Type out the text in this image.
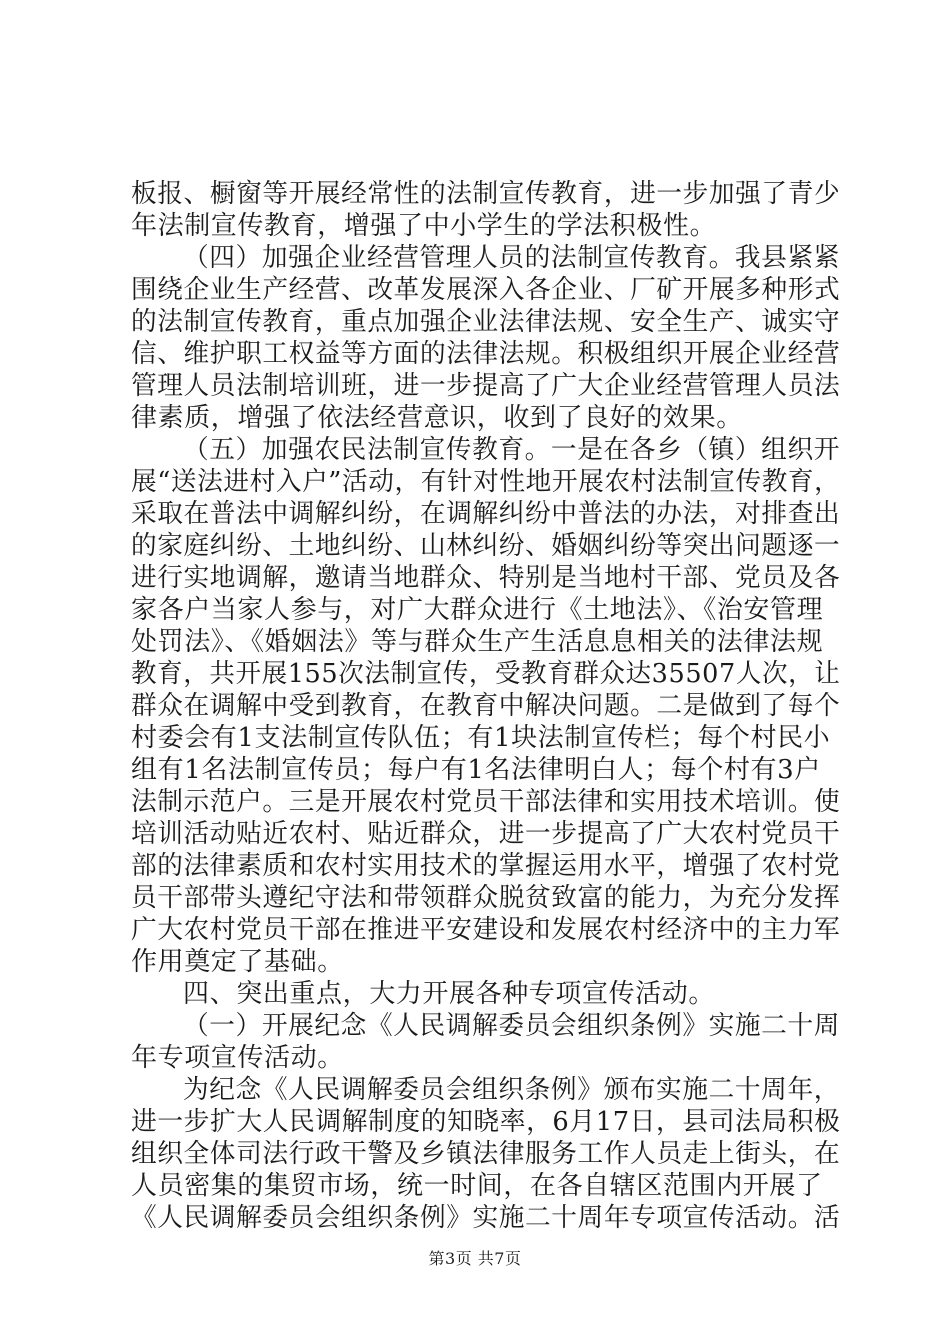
板报、橱窗等开展经常性的法制宣传教育，进一步加强了青少
年法制宣传教育，增强了中小学生的学法积极性。
（四）加强企业经营管理人员的法制宣传教育。我县紧紧
围绕企业生产经营、改革发展深入各企业、厂矿开展多种形式
的法制宣传教育，重点加强企业法律法规、安全生产、诚实守
信、维护职工权益等方面的法律法规。积极组织开展企业经营
管理人员法制培训班，进一步提高了广大企业经营管理人员法
律素质，增强了依法经营意识，收到了良好的效果。
（五）加强农民法制宣传教育。一是在各乡（镇）组织开
展“送法进村入户”活动，有针对性地开展农村法制宣传教育，
采取在普法中调解纠纷，在调解纠纷中普法的办法，对排查出
的家庭纠纷、土地纠纷、山林纠纷、婚姻纠纷等突出问题逐一
进行实地调解，邀请当地群众、特别是当地村干部、党员及各
家各户当家人参与，对广大群众进行《土地法》、《治安管理
处罚法》、《婚姻法》等与群众生产生活息息相关的法律法规
教育，共开展155次法制宣传，受教育群众达35507人次，让
群众在调解中受到教育，在教育中解决问题。二是做到了每个
村委会有1支法制宣传队伍；有1块法制宣传栏；每个村民小
组有1名法制宣传员；每户有1名法律明白人；每个村有3户
法制示范户。三是开展农村党员干部法律和实用技术培训。使
培训活动贴近农村、贴近群众，进一步提高了广大农村党员干
部的法律素质和农村实用技术的掌握运用水平，增强了农村党
员干部带头遵纪守法和带领群众脱贫致富的能力，为充分发挥
广大农村党员干部在推进平安建设和发展农村经济中的主力军
作用奠定了基础。
四、突出重点，大力开展各种专项宣传活动。
（一）开展纪念《人民调解委员会组织条例》实施二十周
年专项宣传活动。
为纪念《人民调解委员会组织条例》颁布实施二十周年，
进一步扩大人民调解制度的知晓率，6月17日，县司法局积极
组织全体司法行政干警及乡镇法律服务工作人员走上街头，在
人员密集的集贸市场，统一时间，在各自辖区范围内开展了
《人民调解委员会组织条例》实施二十周年专项宣传活动。活
第3页 共7页
